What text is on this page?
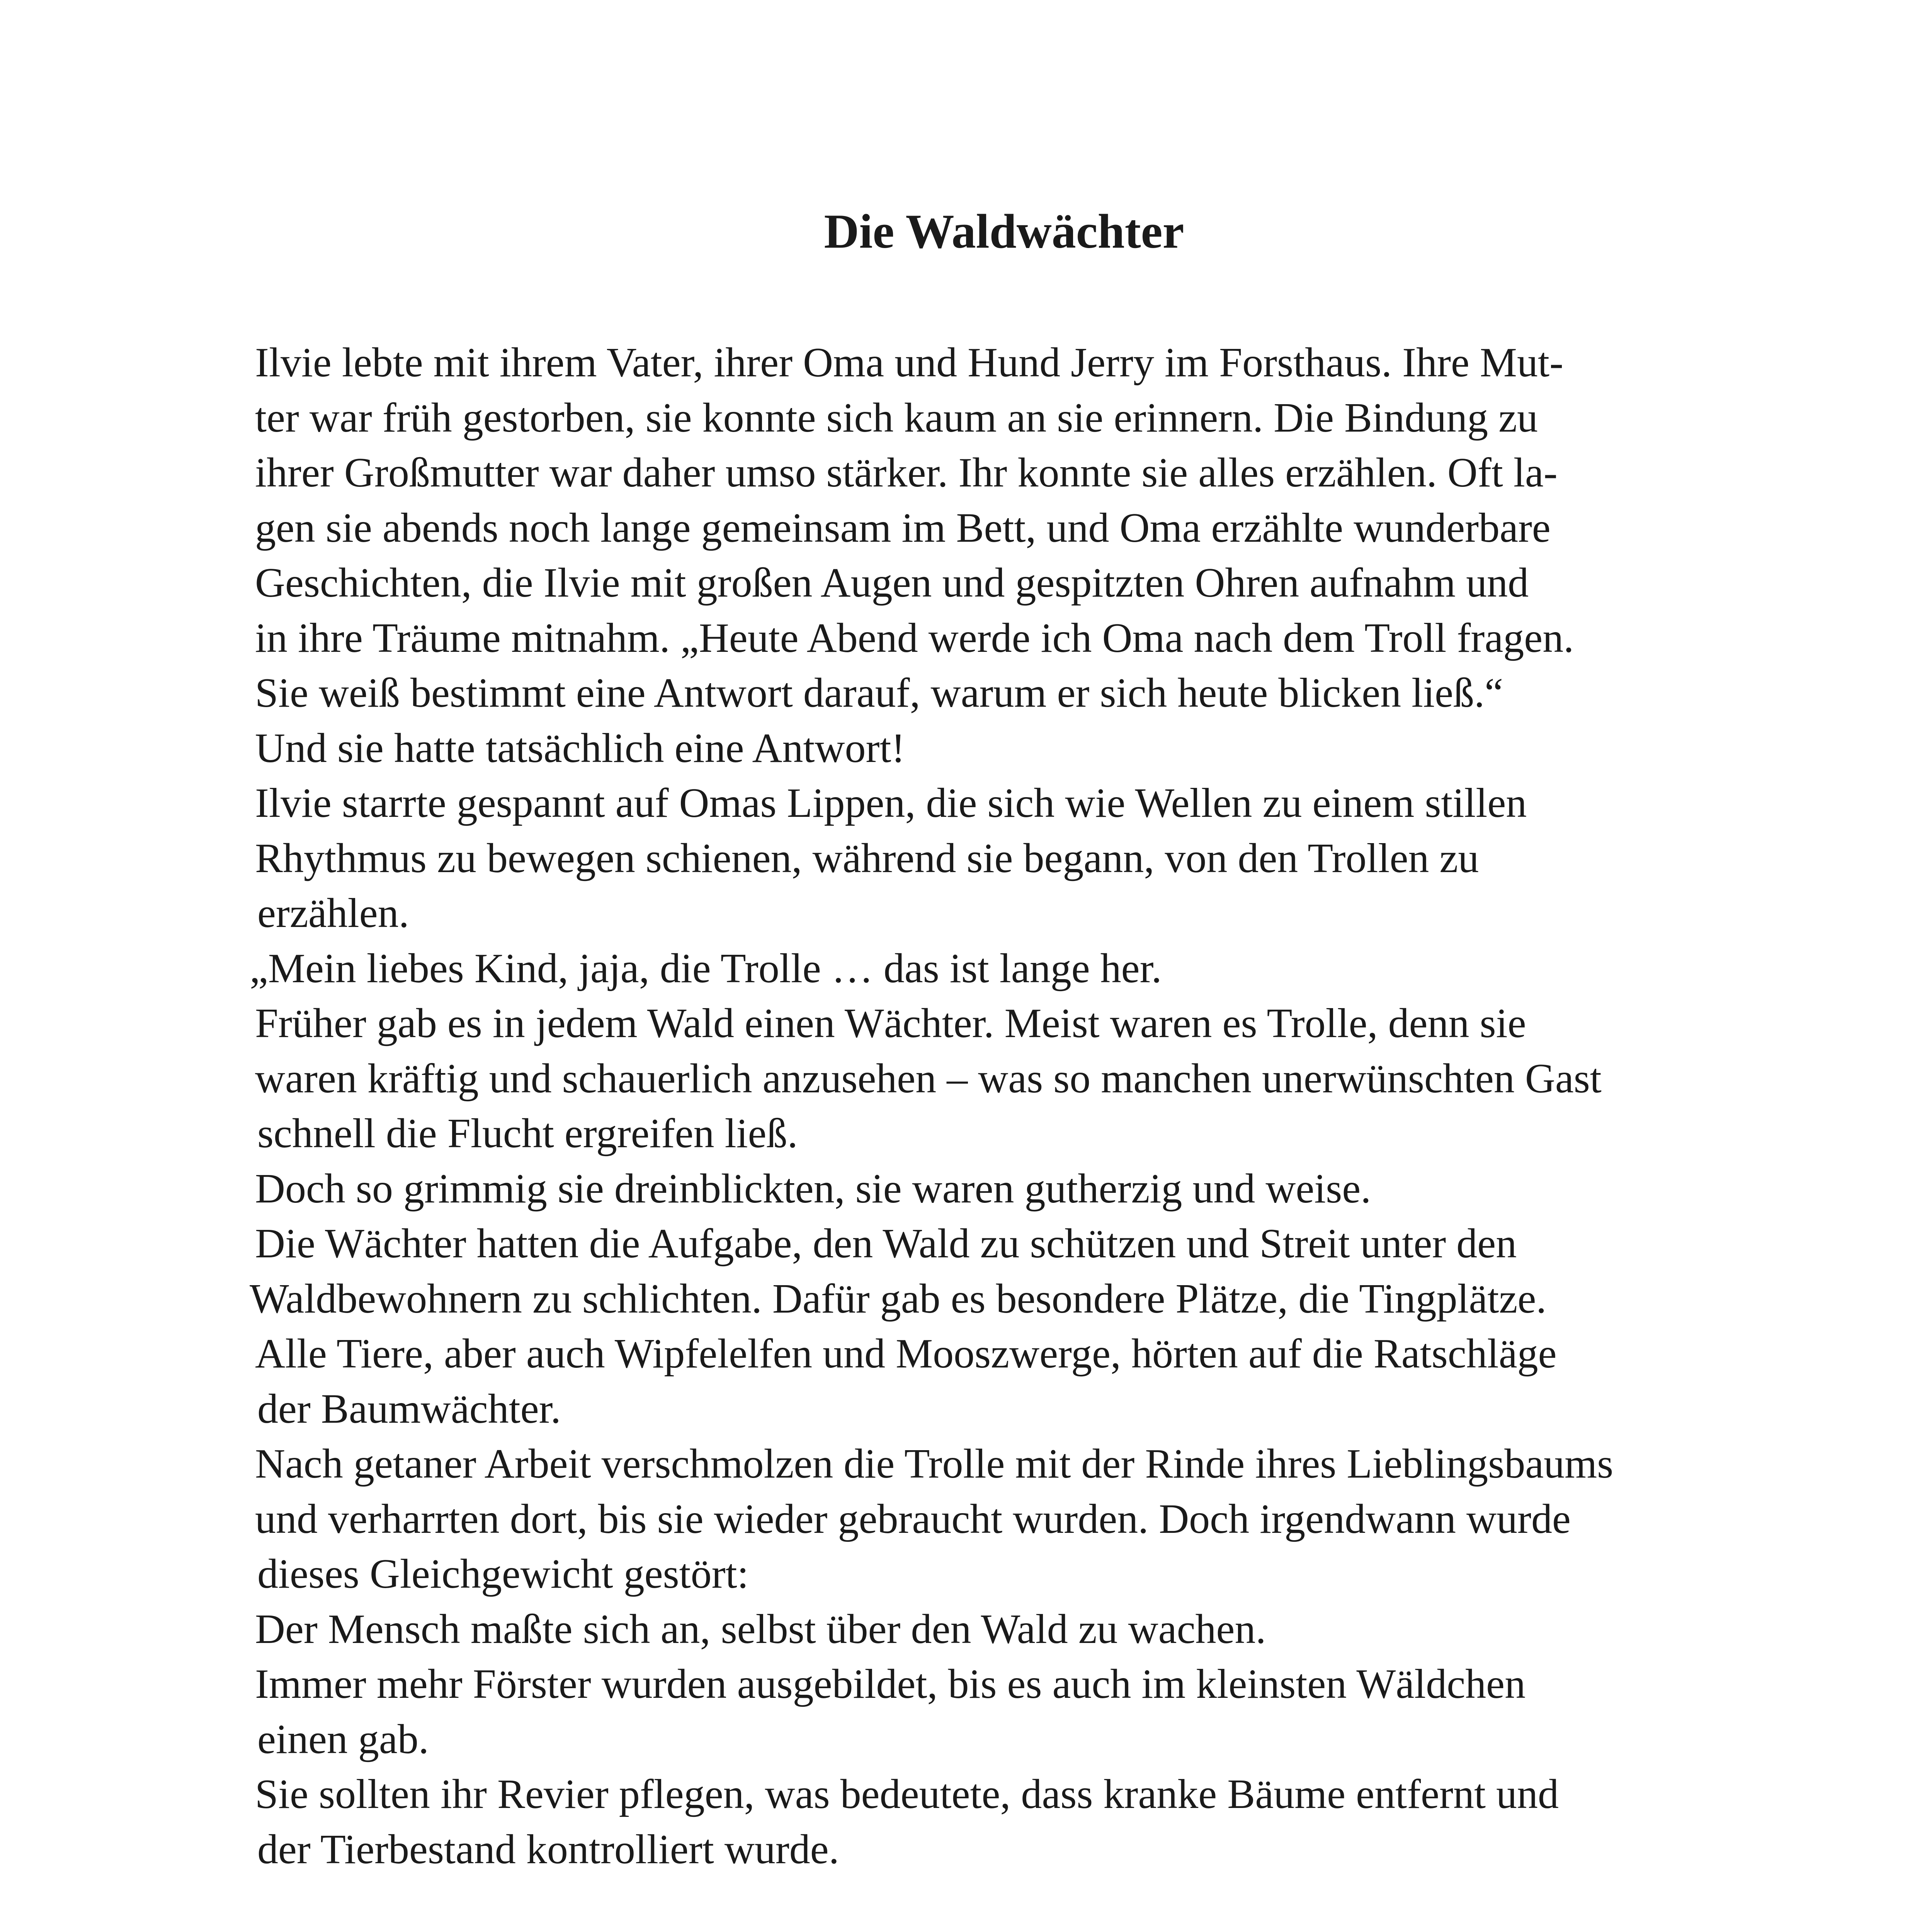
Die Waldwächter
Ilvie lebte mit ihrem Vater, ihrer Oma und Hund Jerry im Forsthaus. Ihre Mut-
ter war früh gestorben, sie konnte sich kaum an sie erinnern. Die Bindung zu
ihrer Großmutter war daher umso stärker. Ihr konnte sie alles erzählen. Oft la-
gen sie abends noch lange gemeinsam im Bett, und Oma erzählte wunderbare
Geschichten, die Ilvie mit großen Augen und gespitzten Ohren aufnahm und
in ihre Träume mitnahm. „Heute Abend werde ich Oma nach dem Troll fragen.
Sie weiß bestimmt eine Antwort darauf, warum er sich heute blicken ließ.“
Und sie hatte tatsächlich eine Antwort!
Ilvie starrte gespannt auf Omas Lippen, die sich wie Wellen zu einem stillen
Rhythmus zu bewegen schienen, während sie begann, von den Trollen zu
erzählen.
„Mein liebes Kind, jaja, die Trolle … das ist lange her.
Früher gab es in jedem Wald einen Wächter. Meist waren es Trolle, denn sie
waren kräftig und schauerlich anzusehen – was so manchen unerwünschten Gast
schnell die Flucht ergreifen ließ.
Doch so grimmig sie dreinblickten, sie waren gutherzig und weise.
Die Wächter hatten die Aufgabe, den Wald zu schützen und Streit unter den
Waldbewohnern zu schlichten. Dafür gab es besondere Plätze, die Tingplätze.
Alle Tiere, aber auch Wipfelelfen und Mooszwerge, hörten auf die Ratschläge
der Baumwächter.
Nach getaner Arbeit verschmolzen die Trolle mit der Rinde ihres Lieblingsbaums
und verharrten dort, bis sie wieder gebraucht wurden. Doch irgendwann wurde
dieses Gleichgewicht gestört:
Der Mensch maßte sich an, selbst über den Wald zu wachen.
Immer mehr Förster wurden ausgebildet, bis es auch im kleinsten Wäldchen
einen gab.
Sie sollten ihr Revier pflegen, was bedeutete, dass kranke Bäume entfernt und
der Tierbestand kontrolliert wurde.
